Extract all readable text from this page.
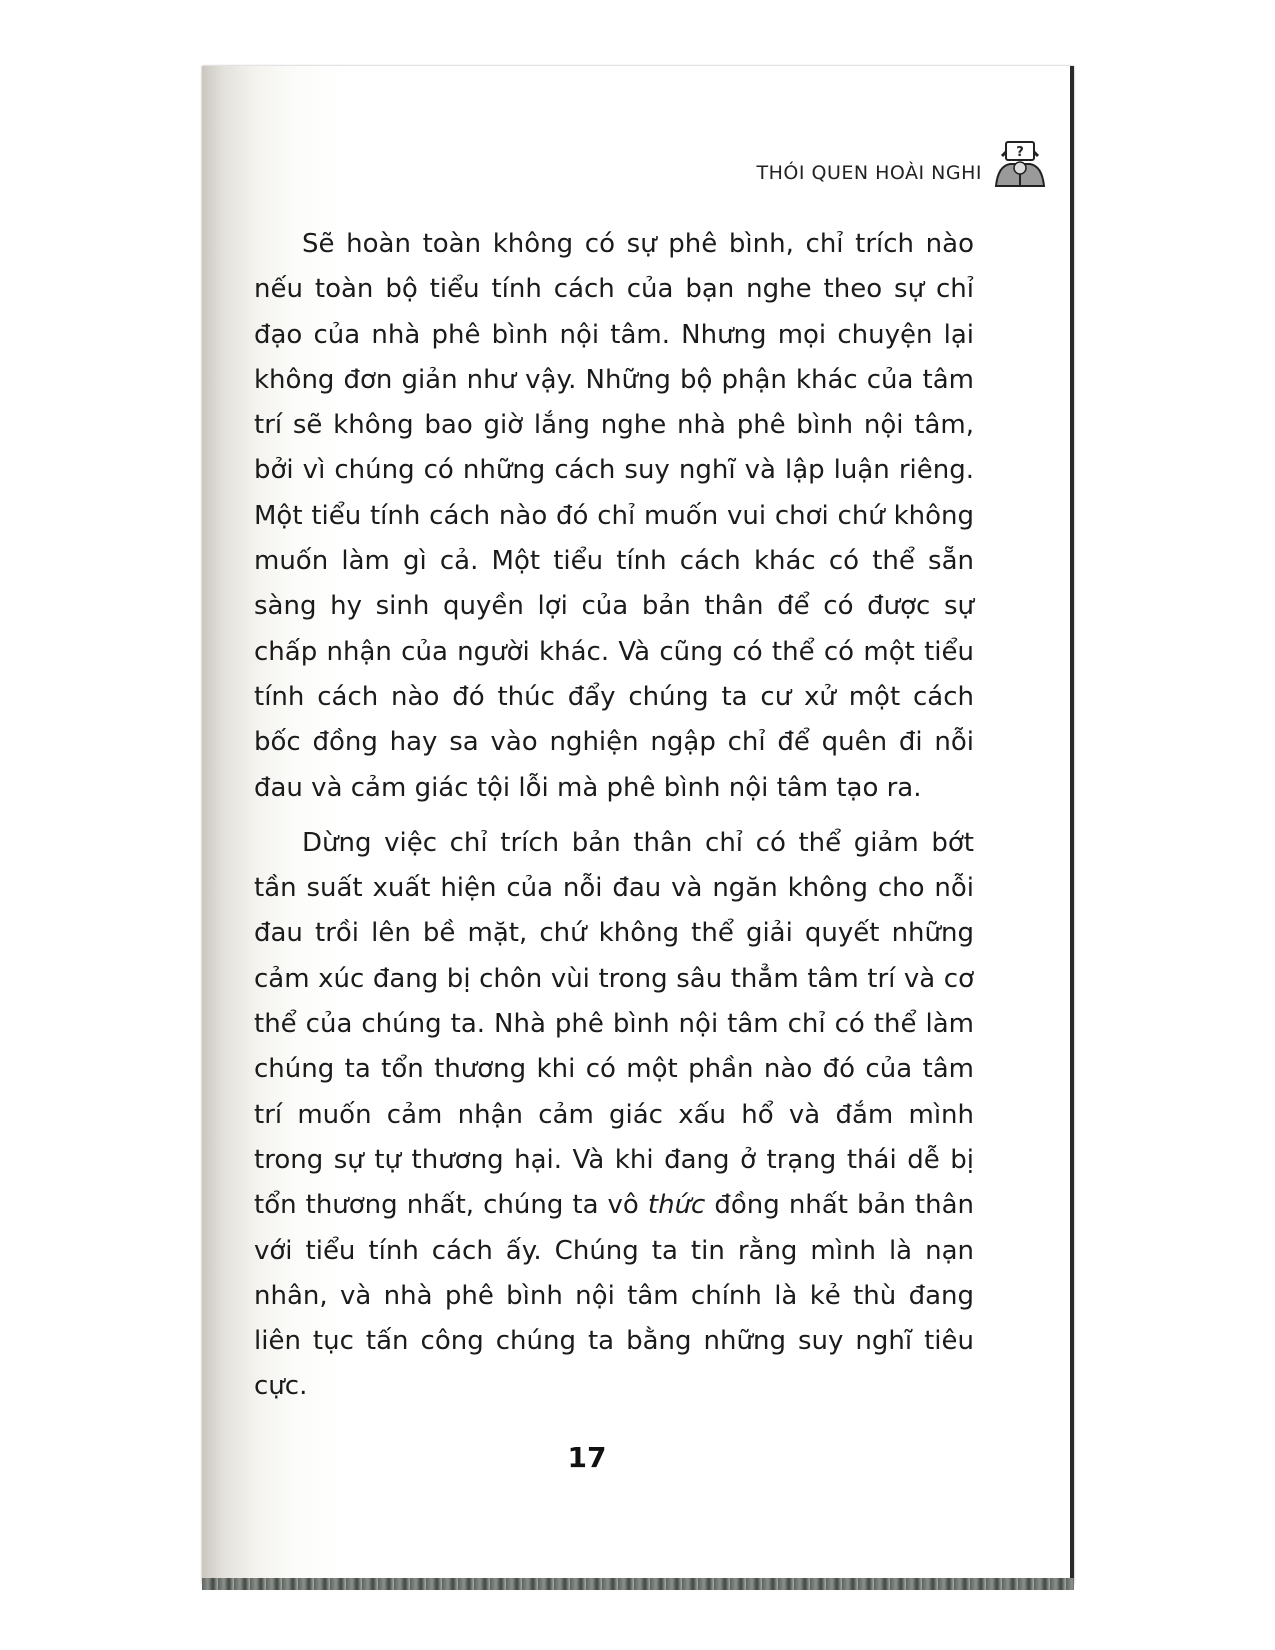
THÓI QUEN HOÀI NGHI
?

Sẽ hoàn toàn không có sự phê bình, chỉ trích nào nếu toàn bộ tiểu tính cách của bạn nghe theo sự chỉ đạo của nhà phê bình nội tâm. Nhưng mọi chuyện lại không đơn giản như vậy. Những bộ phận khác của tâm trí sẽ không bao giờ lắng nghe nhà phê bình nội tâm, bởi vì chúng có những cách suy nghĩ và lập luận riêng. Một tiểu tính cách nào đó chỉ muốn vui chơi chứ không muốn làm gì cả. Một tiểu tính cách khác có thể sẵn sàng hy sinh quyền lợi của bản thân để có được sự chấp nhận của người khác. Và cũng có thể có một tiểu tính cách nào đó thúc đẩy chúng ta cư xử một cách bốc đồng hay sa vào nghiện ngập chỉ để quên đi nỗi đau và cảm giác tội lỗi mà phê bình nội tâm tạo ra.

Dừng việc chỉ trích bản thân chỉ có thể giảm bớt tần suất xuất hiện của nỗi đau và ngăn không cho nỗi đau trồi lên bề mặt, chứ không thể giải quyết những cảm xúc đang bị chôn vùi trong sâu thẳm tâm trí và cơ thể của chúng ta. Nhà phê bình nội tâm chỉ có thể làm chúng ta tổn thương khi có một phần nào đó của tâm trí muốn cảm nhận cảm giác xấu hổ và đắm mình trong sự tự thương hại. Và khi đang ở trạng thái dễ bị tổn thương nhất, chúng ta vô thức đồng nhất bản thân với tiểu tính cách ấy. Chúng ta tin rằng mình là nạn nhân, và nhà phê bình nội tâm chính là kẻ thù đang liên tục tấn công chúng ta bằng những suy nghĩ tiêu cực.

17
